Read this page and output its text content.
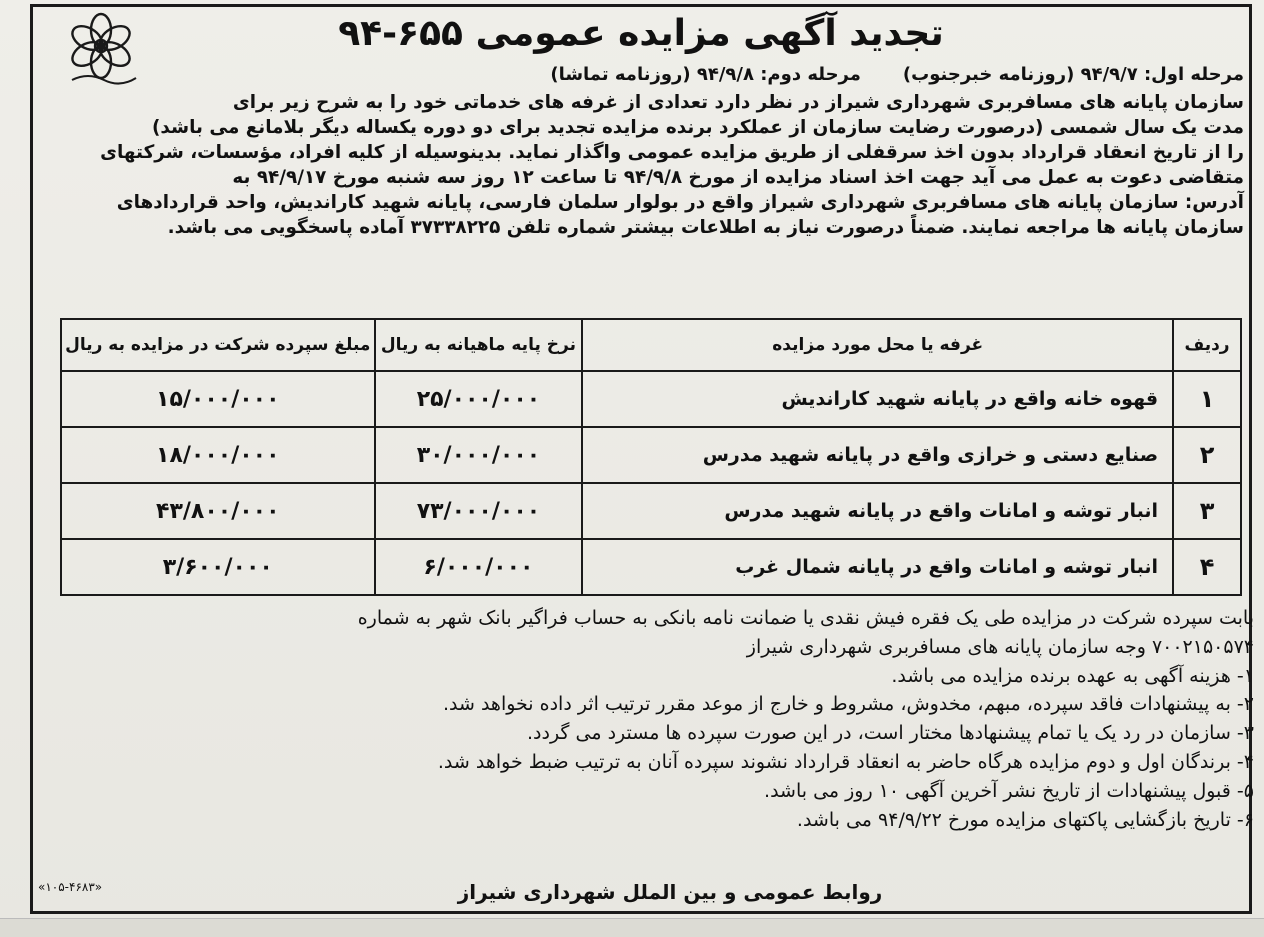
تجدید آگهی مزایده عمومی ۶۵۵-۹۴
مرحله اول: ۹۴/۹/۷ (روزنامه خبرجنوب)
مرحله دوم: ۹۴/۹/۸ (روزنامه تماشا)

سازمان پایانه های مسافربری شهرداری شیراز در نظر دارد تعدادی از غرفه های خدماتی خود را به شرح زیر برای

مدت یک سال شمسی (درصورت رضایت سازمان از عملکرد برنده مزایده تجدید برای دو دوره یکساله دیگر بلامانع می باشد)

را از تاریخ انعقاد قرارداد بدون اخذ سرقفلی از طریق مزایده عمومی واگذار نماید. بدینوسیله از کلیه افراد، مؤسسات، شرکتهای

متقاضی دعوت به عمل می آید جهت اخذ اسناد مزایده از مورخ ۹۴/۹/۸ تا ساعت ۱۲ روز سه شنبه مورخ ۹۴/۹/۱۷ به

آدرس: سازمان پایانه های مسافربری شهرداری شیراز واقع در بولوار سلمان فارسی، پایانه شهید کاراندیش، واحد قراردادهای

سازمان پایانه ها مراجعه نمایند. ضمناً درصورت نیاز به اطلاعات بیشتر شماره تلفن ۳۷۳۳۸۲۲۵ آماده پاسخگویی می باشد.

ردیف	غرفه یا محل مورد مزایده	نرخ پایه ماهیانه به ریال	مبلغ سپرده شرکت در مزایده به ریال
۱	قهوه خانه واقع در پایانه شهید کاراندیش	۲۵/۰۰۰/۰۰۰	۱۵/۰۰۰/۰۰۰
۲	صنایع دستی و خرازی واقع در پایانه شهید مدرس	۳۰/۰۰۰/۰۰۰	۱۸/۰۰۰/۰۰۰
۳	انبار توشه و امانات واقع در پایانه شهید مدرس	۷۳/۰۰۰/۰۰۰	۴۳/۸۰۰/۰۰۰
۴	انبار توشه و امانات واقع در پایانه شمال غرب	۶/۰۰۰/۰۰۰	۳/۶۰۰/۰۰۰

بابت سپرده شرکت در مزایده طی یک فقره فیش نقدی یا ضمانت نامه بانکی به حساب فراگیر بانک شهر به شماره

۷۰۰۲۱۵۰۵۷۴ وجه سازمان پایانه های مسافربری شهرداری شیراز

۱- هزینه آگهی به عهده برنده مزایده می باشد.

۲- به پیشنهادات فاقد سپرده، مبهم، مخدوش، مشروط و خارج از موعد مقرر ترتیب اثر داده نخواهد شد.

۳- سازمان در رد یک یا تمام پیشنهادها مختار است، در این صورت سپرده ها مسترد می گردد.

۴- برندگان اول و دوم مزایده هرگاه حاضر به انعقاد قرارداد نشوند سپرده آنان به ترتیب ضبط خواهد شد.

۵- قبول پیشنهادات از تاریخ نشر آخرین آگهی ۱۰ روز می باشد.

۶- تاریخ بازگشایی پاکتهای مزایده مورخ ۹۴/۹/۲۲ می باشد.

روابط عمومی و بین الملل شهرداری شیراز
«۱۰۵-۴۶۸۳»
